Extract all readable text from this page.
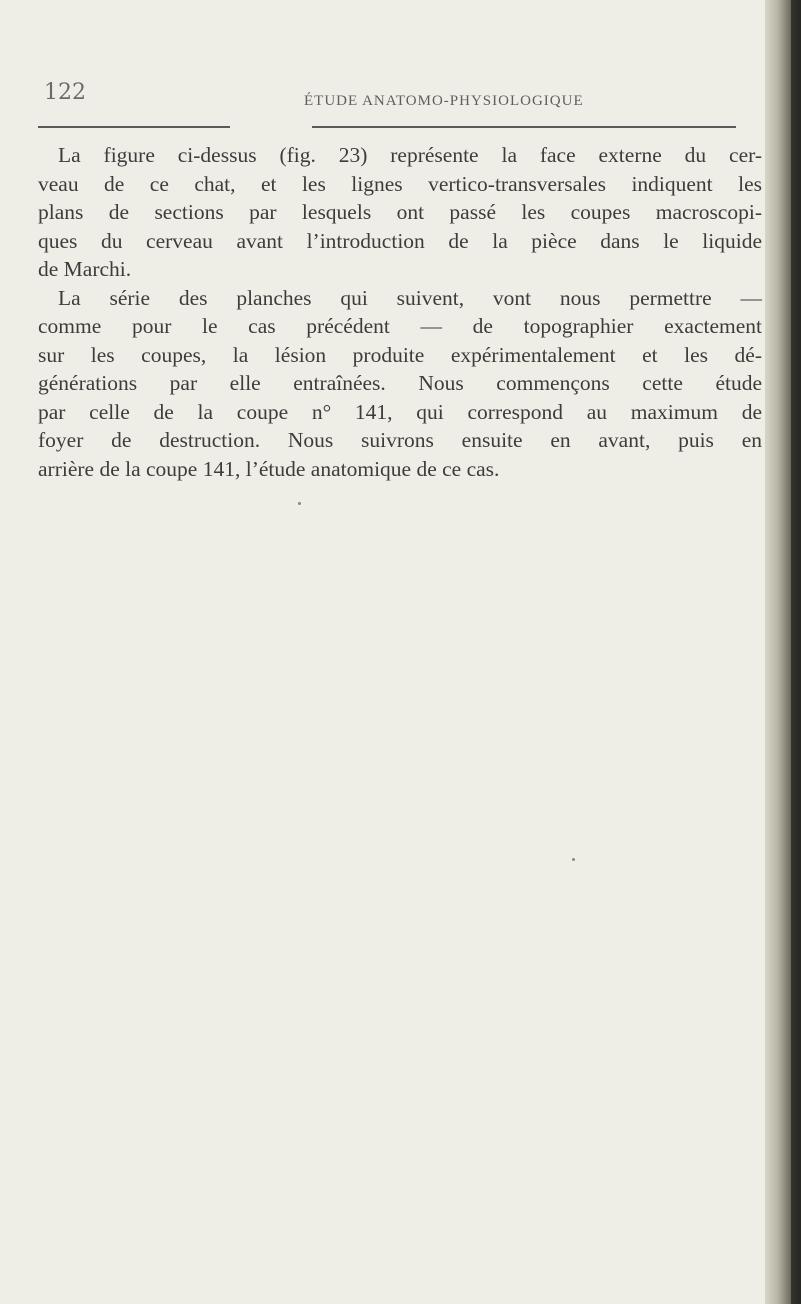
122	ÉTUDE ANATOMO-PHYSIOLOGIQUE
La figure ci-dessus (fig. 23) représente la face externe du cer-
veau de ce chat, et les lignes vertico-transversales indiquent les
plans de sections par lesquels ont passé les coupes macroscopi-
ques du cerveau avant l’introduction de la pièce dans le liquide
de Marchi.
La série des planches qui suivent, vont nous permettre —
comme pour le cas précédent — de topographier exactement
sur les coupes, la lésion produite expérimentalement et les dé-
générations par elle entraînées. Nous commençons cette étude
par celle de la coupe n° 141, qui correspond au maximum de
foyer de destruction. Nous suivrons ensuite en avant, puis en
arrière de la coupe 141, l’étude anatomique de ce cas.
